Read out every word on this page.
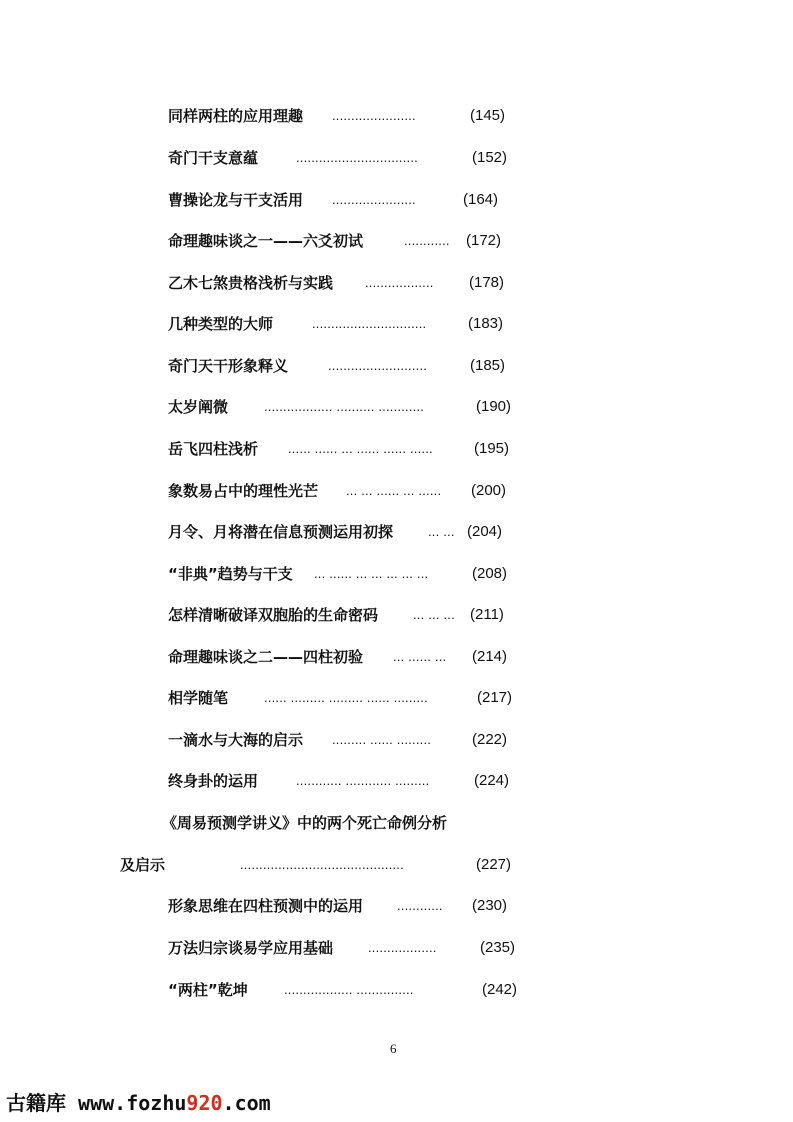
同样两柱的应用理趣 ......................	(145)
奇门干支意蕴	................................	(152)
曹操论龙与干支活用 ......................	(164)
命理趣味谈之一——六爻初试	............ (172)
乙木七煞贵格浅析与实践 .................. (178)
几种类型的大师	..............................	(183)
奇门天干形象释义	..........................	(185)
太岁阐微	.................. .......... ............	(190)
岳飞四柱浅析 ...... ...... ... ...... ...... ......	(195)
象数易占中的理性光芒 ... ... ...... ... ...... (200)
月令、月将潜在信息预测运用初探	... ... (204)
“非典”趋势与干支 ... ...... ... ... ... ... ...	(208)
怎样清晰破译双胞胎的生命密码	... ... ... (211)
命理趣味谈之二——四柱初验 ... ...... ... (214)
相学随笔	...... ......... ......... ...... .........	(217)
一滴水与大海的启示 ......... ...... .........	(222)
终身卦的运用	............ ............ .........	(224)
《周易预测学讲义》中的两个死亡命例分析
及启示	...........................................	(227)
形象思维在四柱预测中的运用	............ (230)
万法归宗谈易学应用基础	..................	(235)
“两柱”乾坤	.................. ...............	(242)
6
古籍库 www.fozhu920.com
